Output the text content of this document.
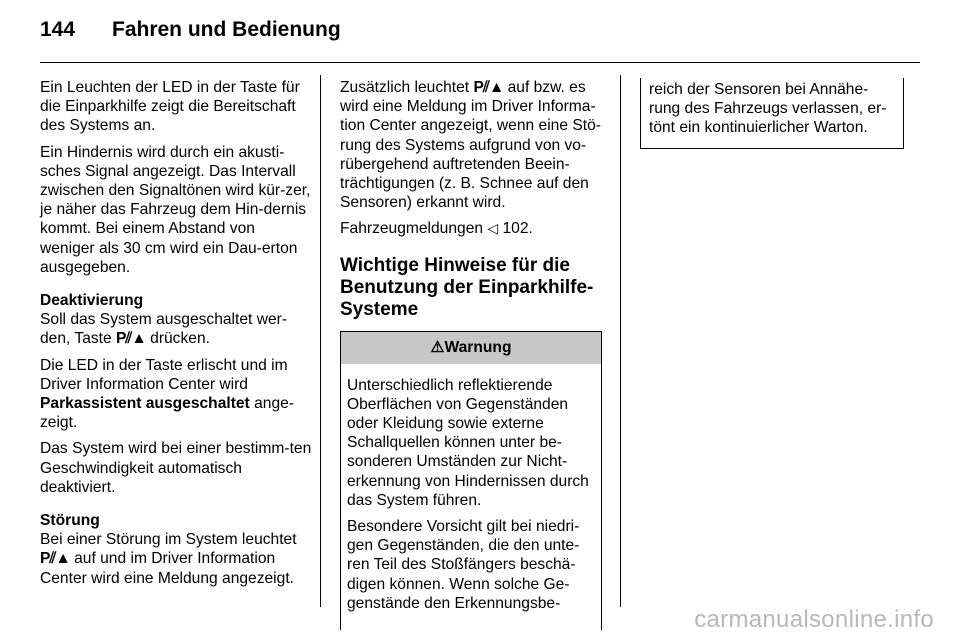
144 Fahren und Bedienung

Ein Leuchten der LED in der Taste für die Einparkhilfe zeigt die Bereitschaft des Systems an.

Ein Hindernis wird durch ein akusti-sches Signal angezeigt. Das Intervall zwischen den Signaltönen wird kür-zer, je näher das Fahrzeug dem Hin-dernis kommt. Bei einem Abstand von weniger als 30 cm wird ein Dau-erton ausgegeben.

Deaktivierung

Soll das System ausgeschaltet wer-den, Taste P⫽▲ drücken.

Die LED in der Taste erlischt und im Driver Information Center wird Parkassistent ausgeschaltet ange-zeigt.

Das System wird bei einer bestimm-ten Geschwindigkeit automatisch deaktiviert.

Störung

Bei einer Störung im System leuchtet P⫽▲ auf und im Driver Information Center wird eine Meldung angezeigt.

Zusätzlich leuchtet P⫽▲ auf bzw. es wird eine Meldung im Driver Informa-tion Center angezeigt, wenn eine Stö-rung des Systems aufgrund von vo-rübergehend auftretenden Beein-trächtigungen (z. B. Schnee auf den Sensoren) erkannt wird.

Fahrzeugmeldungen ◁ 102.

Wichtige Hinweise für die Benutzung der Einparkhilfe-Systeme
⚠Warnung

Unterschiedlich reflektierende Oberflächen von Gegenständen oder Kleidung sowie externe Schallquellen können unter be-sonderen Umständen zur Nicht-erkennung von Hindernissen durch das System führen.

Besondere Vorsicht gilt bei niedri-gen Gegenständen, die den unte-ren Teil des Stoßfängers beschä-digen können. Wenn solche Ge-genstände den Erkennungsbe-

reich der Sensoren bei Annähe-rung des Fahrzeugs verlassen, er-tönt ein kontinuierlicher Warton.
carmanualsonline.info
